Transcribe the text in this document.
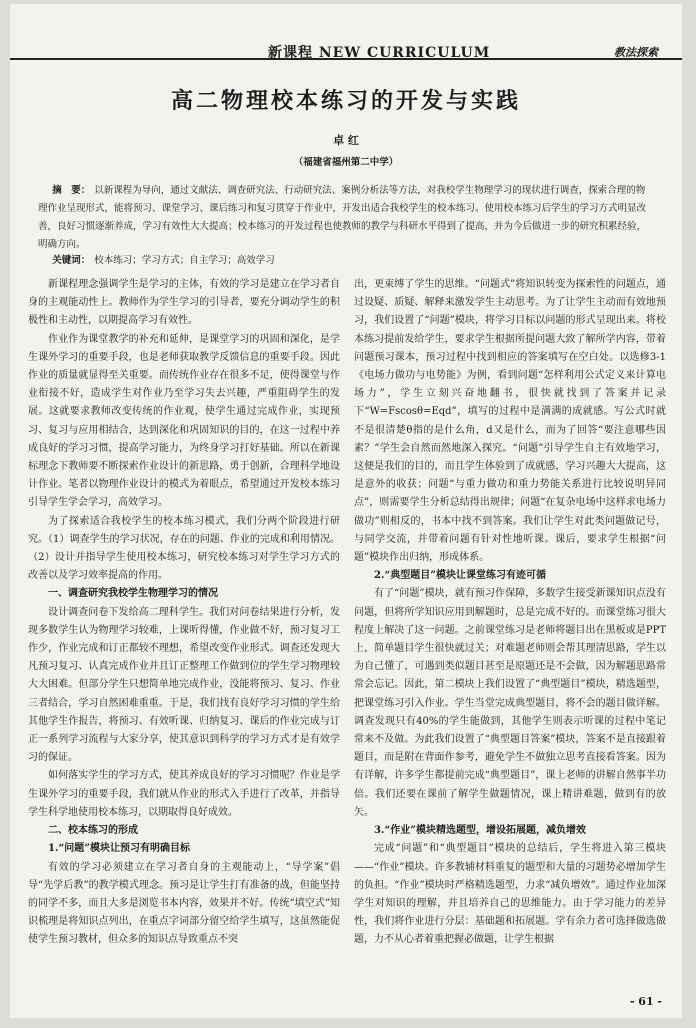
新课程 NEW CURRICULUM	教法探索
高二物理校本练习的开发与实践
卓 红
（福建省福州第二中学）

摘　要： 以新课程为导向，通过文献法、调查研究法、行动研究法、案例分析法等方法，对我校学生物理学习的现状进行调查，探索合理的物理作业呈现形式，能将预习、课堂学习、课后练习和复习贯穿于作业中，开发出适合我校学生的校本练习。使用校本练习后学生的学习方式明显改善，良好习惯逐渐养成，学习有效性大大提高；校本练习的开发过程也使教师的教学与科研水平得到了提高，并为今后做进一步的研究积累经验，明确方向。

关键词： 校本练习；学习方式；自主学习；高效学习

新课程理念强调学生是学习的主体，有效的学习是建立在学习者自身的主观能动性上。教师作为学生学习的引导者，要充分调动学生的积极性和主动性，以期提高学习有效性。

作业作为课堂教学的补充和延伸，是课堂学习的巩固和深化，是学生课外学习的重要手段，也是老师获取教学反馈信息的重要手段。因此作业的质量就显得至关重要。而传统作业存在很多不足，使得课堂与作业衔接不好，造成学生对作业乃至学习失去兴趣，严重阻碍学生的发展。这就要求教师改变传统的作业观，使学生通过完成作业，实现预习、复习与应用相结合，达到深化和巩固知识的目的，在这一过程中养成良好的学习习惯，提高学习能力，为终身学习打好基础。所以在新课标理念下教师要不断探索作业设计的新思路，勇于创新，合理科学地设计作业。笔者以物理作业设计的模式为着眼点，希望通过开发校本练习引导学生学会学习，高效学习。

为了探索适合我校学生的校本练习模式，我们分两个阶段进行研究。（1）调查学生的学习状况，存在的问题、作业的完成和利用情况。（2）设计并指导学生使用校本练习，研究校本练习对学生学习方式的改善以及学习效率提高的作用。

一、调查研究我校学生物理学习的情况

设计调查问卷下发给高二理科学生。我们对问卷结果进行分析，发现多数学生认为物理学习较难，上课听得懂，作业做不好，预习复习工作少，作业完成和订正都较不理想，希望改变作业形式。调查还发现大凡预习复习、认真完成作业并且订正整理工作做到位的学生学习物理较大大困难。但部分学生只想简单地完成作业，没能将预习、复习、作业三者结合，学习自然困难重重。于是，我们找有良好学习习惯的学生给其他学生作报告，将预习、有效听课、归纳复习、课后的作业完成与订正一系列学习流程与大家分享，使其意识到科学的学习方式才是有效学习的保证。

如何落实学生的学习方式，使其养成良好的学习习惯呢？作业是学生课外学习的重要手段，我们就从作业的形式入手进行了改革，并指导学生科学地使用校本练习，以期取得良好成效。

二、校本练习的形成
1.“问题”模块让预习有明确目标

有效的学习必须建立在学习者自身的主观能动上，“导学案”倡导“先学后教”的教学模式理念。预习是让学生打有准备的战，但能坚持的同学不多，而且大多是浏览书本内容，效果并不好。传统“填空式”知识梳理是将知识点列出，在重点字词部分留空给学生填写，这虽然能促使学生预习教材，但众多的知识点导致重点不突

出，更束缚了学生的思维。“问题式”将知识转变为探索性的问题点，通过设疑、质疑、解释来激发学生主动思考。为了让学生主动而有效地预习，我们设置了“问题”模块，将学习目标以问题的形式呈现出来。将校本练习提前发给学生，要求学生根据所提问题大致了解所学内容，带着问题预习课本，预习过程中找到相应的答案填写在空白处。以选修3-1《电场力做功与电势能》为例，看到问题“怎样利用公式定义来计算电场力”，学生立刻兴奋地翻书，很快就找到了答案并记录下“W=Fscosθ=Eqd”，填写的过程中是满满的成就感。写公式时就不是很清楚θ指的是什么角，d又是什么，而为了回答“要注意哪些因素？”学生会自然而然地深入探究。“问题”引导学生自主有效地学习，这便是我们的目的，而且学生体验到了成就感，学习兴趣大大提高，这是意外的收获；问题“与重力做功和重力势能关系进行比较说明异同点”，则需要学生分析总结得出规律；问题“在复杂电场中这样求电场力做功”则相反的，书本中找不到答案。我们让学生对此类问题做记号，与同学交流，并带着问题有针对性地听课。课后，要求学生根据“问题”模块作出归纳，形成体系。

2.“典型题目”模块让课堂练习有迹可循

有了“问题”模块，就有预习作保障，多数学生接受新课知识点没有问题，但将所学知识应用到解题时，总是完成不好的。而课堂练习很大程度上解决了这一问题。之前课堂练习是老师将题目出在黑板或是PPT上，简单题目学生很快就过关；对难题老师则会帮其理清思路，学生以为自己懂了，可遇到类似题目甚至是原题还是不会做，因为解题思路常常会忘记。因此，第二模块上我们设置了“典型题目”模块，精选题型，把课堂练习引入作业。学生当堂完成典型题目，将不会的题目做详解。调查发现只有40%的学生能做到，其他学生则表示听课的过程中笔记常来不及做。为此我们设置了“典型题目答案”模块，答案不是直接跟着题目，而是附在背面作参考，避免学生不做独立思考直接看答案。因为有详解，许多学生都提前完成“典型题目”，课上老师的讲解自然事半功倍。我们还要在课前了解学生做题情况，课上精讲难题，做到有的放矢。

3.“作业”模块精选题型，增设拓展题，减负增效

完成“问题”和“典型题目”模块的总结后，学生将进入第三模块——“作业”模块。许多教辅材料重复的题型和大量的习题势必增加学生的负担。“作业”模块时严格精选题型，力求“减负增效”。通过作业加深学生对知识的理解，并且培养自己的思维能力。由于学习能力的差异性，我们将作业进行分层：基础题和拓展题。学有余力者可选择做选做题，力不从心者着重把握必做题，让学生根据

- 61 -
